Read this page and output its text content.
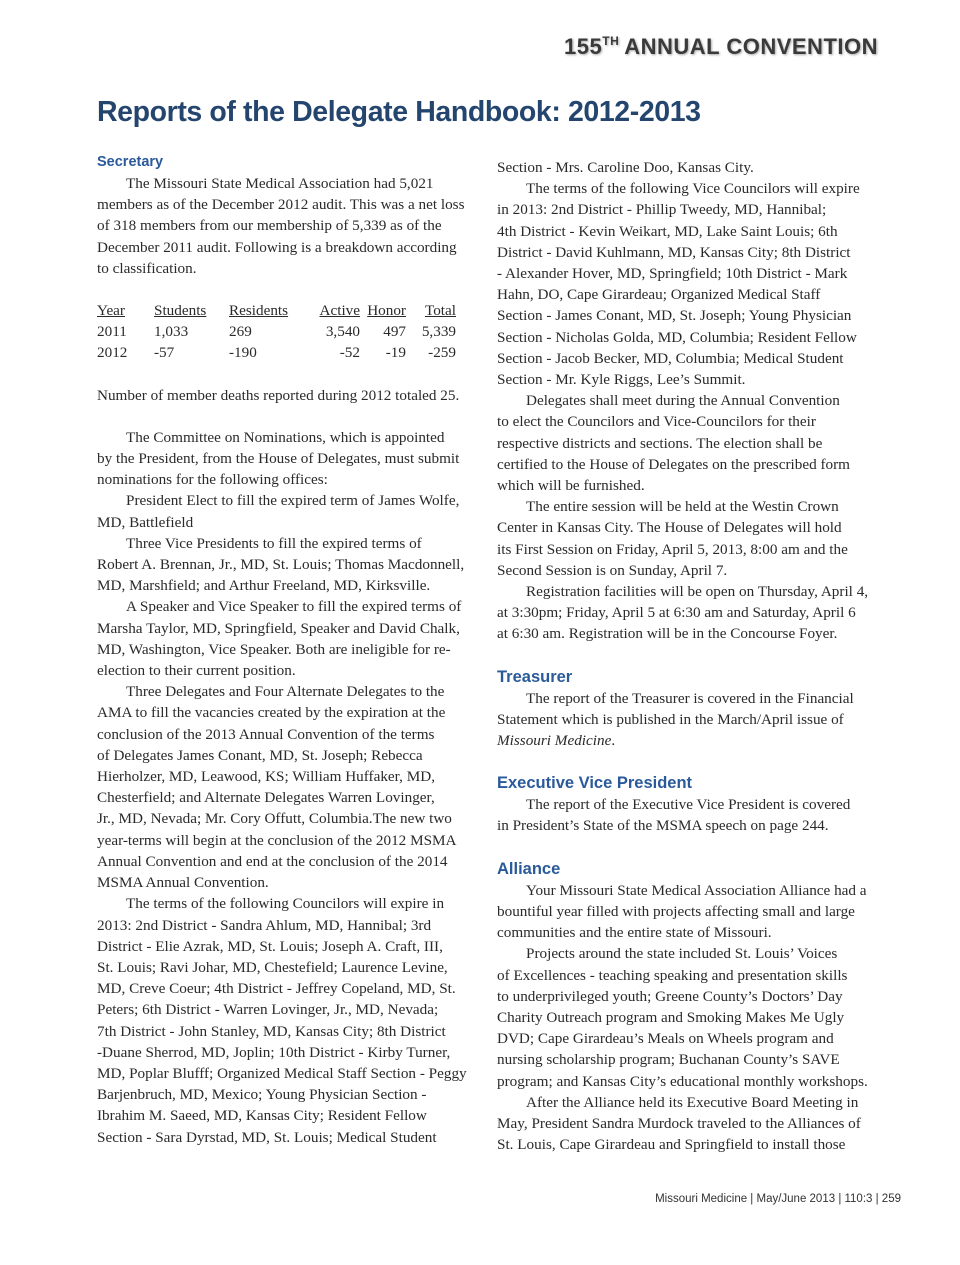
155TH ANNUAL CONVENTION
Reports of the Delegate Handbook: 2012-2013
Secretary

The Missouri State Medical Association had 5,021

members as of the December 2012 audit. This was a net loss

of 318 members from our membership of 5,339 as of the

December 2011 audit. Following is a breakdown according

to classification.

Year	Students	Residents	Active	Honor	Total
2011	1,033	269	3,540	497	5,339
2012	-57	-190	-52	-19	-259

Number of member deaths reported during 2012 totaled 25.

The Committee on Nominations, which is appointed

by the President, from the House of Delegates, must submit

nominations for the following offices:

President Elect to fill the expired term of James Wolfe,

MD, Battlefield

Three Vice Presidents to fill the expired terms of

Robert A. Brennan, Jr., MD, St. Louis; Thomas Macdonnell,

MD, Marshfield; and Arthur Freeland, MD, Kirksville.

A Speaker and Vice Speaker to fill the expired terms of

Marsha Taylor, MD, Springfield, Speaker and David Chalk,

MD, Washington, Vice Speaker. Both are ineligible for re-

election to their current position.

Three Delegates and Four Alternate Delegates to the

AMA to fill the vacancies created by the expiration at the

conclusion of the 2013 Annual Convention of the terms

of Delegates James Conant, MD, St. Joseph; Rebecca

Hierholzer, MD, Leawood, KS; William Huffaker, MD,

Chesterfield; and Alternate Delegates Warren Lovinger,

Jr., MD, Nevada; Mr. Cory Offutt, Columbia.The new two

year-terms will begin at the conclusion of the 2012 MSMA

Annual Convention and end at the conclusion of the 2014

MSMA Annual Convention.

The terms of the following Councilors will expire in

2013: 2nd District - Sandra Ahlum, MD, Hannibal; 3rd

District - Elie Azrak, MD, St. Louis; Joseph A. Craft, III,

St. Louis; Ravi Johar, MD, Chestefield; Laurence Levine,

MD, Creve Coeur; 4th District - Jeffrey Copeland, MD, St.

Peters; 6th District - Warren Lovinger, Jr., MD, Nevada;

7th District - John Stanley, MD, Kansas City; 8th District

-Duane Sherrod, MD, Joplin; 10th District - Kirby Turner,

MD, Poplar Blufff; Organized Medical Staff Section - Peggy

Barjenbruch, MD, Mexico; Young Physician Section -

Ibrahim M. Saeed, MD, Kansas City; Resident Fellow

Section - Sara Dyrstad, MD, St. Louis; Medical Student

Section - Mrs. Caroline Doo, Kansas City.

The terms of the following Vice Councilors will expire

in 2013: 2nd District - Phillip Tweedy, MD, Hannibal;

4th District - Kevin Weikart, MD, Lake Saint Louis; 6th

District - David Kuhlmann, MD, Kansas City; 8th District

- Alexander Hover, MD, Springfield; 10th District - Mark

Hahn, DO, Cape Girardeau; Organized Medical Staff

Section - James Conant, MD, St. Joseph; Young Physician

Section - Nicholas Golda, MD, Columbia; Resident Fellow

Section - Jacob Becker, MD, Columbia; Medical Student

Section - Mr. Kyle Riggs, Lee’s Summit.

Delegates shall meet during the Annual Convention

to elect the Councilors and Vice-Councilors for their

respective districts and sections. The election shall be

certified to the House of Delegates on the prescribed form

which will be furnished.

The entire session will be held at the Westin Crown

Center in Kansas City. The House of Delegates will hold

its First Session on Friday, April 5, 2013, 8:00 am and the

Second Session is on Sunday, April 7.

Registration facilities will be open on Thursday, April 4,

at 3:30pm; Friday, April 5 at 6:30 am and Saturday, April 6

at 6:30 am. Registration will be in the Concourse Foyer.

Treasurer

The report of the Treasurer is covered in the Financial

Statement which is published in the March/April issue of

Missouri Medicine.

Executive Vice President

The report of the Executive Vice President is covered

in President’s State of the MSMA speech on page 244.

Alliance

Your Missouri State Medical Association Alliance had a

bountiful year filled with projects affecting small and large

communities and the entire state of Missouri.

Projects around the state included St. Louis’ Voices

of Excellences - teaching speaking and presentation skills

to underprivileged youth; Greene County’s Doctors’ Day

Charity Outreach program and Smoking Makes Me Ugly

DVD; Cape Girardeau’s Meals on Wheels program and

nursing scholarship program; Buchanan County’s SAVE

program; and Kansas City’s educational monthly workshops.

After the Alliance held its Executive Board Meeting in

May, President Sandra Murdock traveled to the Alliances of

St. Louis, Cape Girardeau and Springfield to install those

Missouri Medicine | May/June 2013 | 110:3 | 259
